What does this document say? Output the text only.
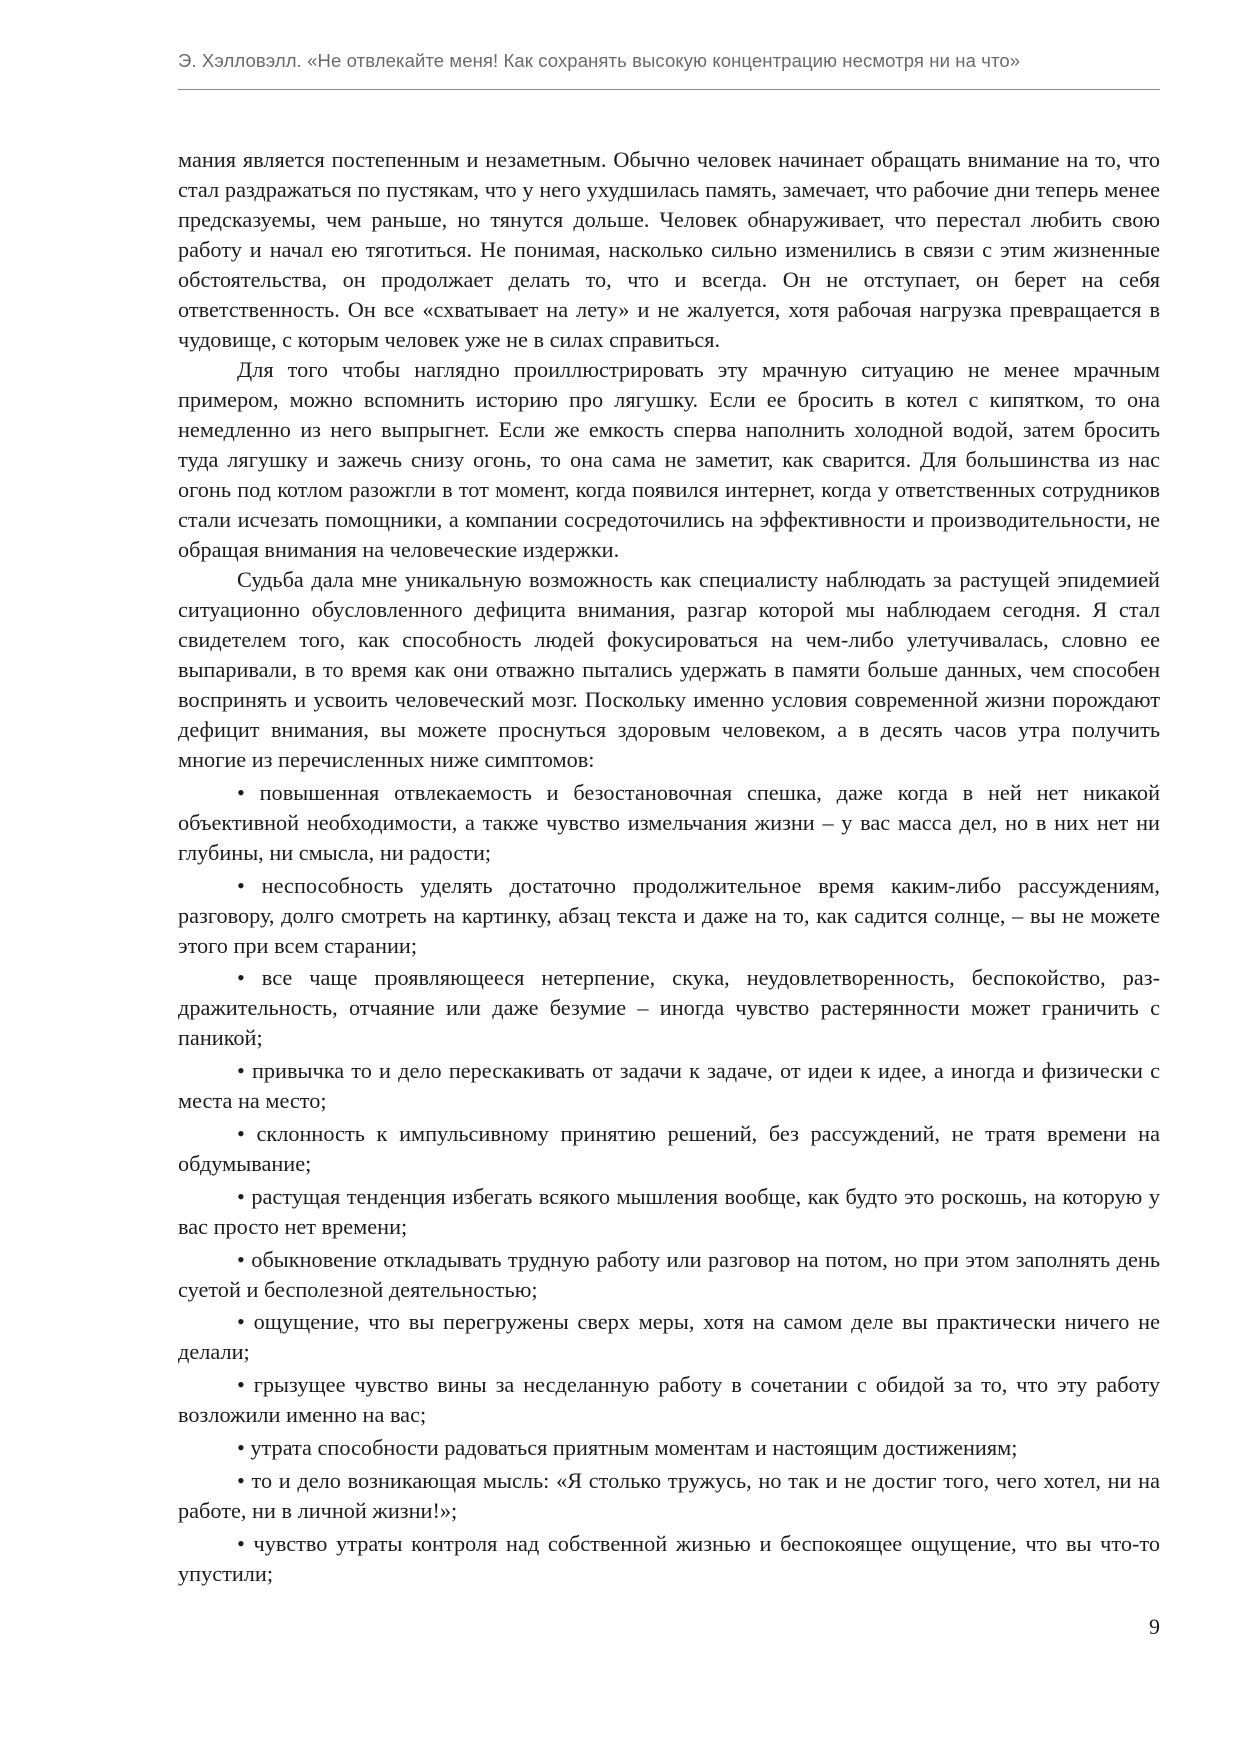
Э. Хэлловэлл. «Не отвлекайте меня! Как сохранять высокую концентрацию несмотря ни на что»

мания является постепенным и незаметным. Обычно человек начинает обращать внимание на то, что стал раздражаться по пустякам, что у него ухудшилась память, замечает, что рабочие дни теперь менее предсказуемы, чем раньше, но тянутся дольше. Человек обнаруживает, что перестал любить свою работу и начал ею тяготиться. Не понимая, насколько сильно изменились в связи с этим жизненные обстоятельства, он продолжает делать то, что и всегда. Он не отступает, он берет на себя ответственность. Он все «схватывает на лету» и не жалуется, хотя рабочая нагрузка превращается в чудовище, с которым человек уже не в силах справиться.

Для того чтобы наглядно проиллюстрировать эту мрачную ситуацию не менее мрачным примером, можно вспомнить историю про лягушку. Если ее бросить в котел с кипятком, то она немедленно из него выпрыгнет. Если же емкость сперва наполнить холодной водой, затем бросить туда лягушку и зажечь снизу огонь, то она сама не заметит, как сварится. Для большинства из нас огонь под котлом разожгли в тот момент, когда появился интернет, когда у ответственных сотрудников стали исчезать помощники, а компании сосредоточились на эффективности и производительности, не обращая внимания на человеческие издержки.

Судьба дала мне уникальную возможность как специалисту наблюдать за растущей эпидемией ситуационно обусловленного дефицита внимания, разгар которой мы наблюдаем сегодня. Я стал свидетелем того, как способность людей фокусироваться на чем-либо улетучивалась, словно ее выпаривали, в то время как они отважно пытались удержать в памяти больше данных, чем способен воспринять и усвоить человеческий мозг. Поскольку именно условия современной жизни порождают дефицит внимания, вы можете проснуться здоровым человеком, а в десять часов утра получить многие из перечисленных ниже симптомов:

• повышенная отвлекаемость и безостановочная спешка, даже когда в ней нет никакой объективной необходимости, а также чувство измельчания жизни – у вас масса дел, но в них нет ни глубины, ни смысла, ни радости;

• неспособность уделять достаточно продолжительное время каким-либо рассуждениям, разговору, долго смотреть на картинку, абзац текста и даже на то, как садится солнце, – вы не можете этого при всем старании;

• все чаще проявляющееся нетерпение, скука, неудовлетворенность, беспокойство, раздражительность, отчаяние или даже безумие – иногда чувство растерянности может граничить с паникой;

• привычка то и дело перескакивать от задачи к задаче, от идеи к идее, а иногда и физически с места на место;

• склонность к импульсивному принятию решений, без рассуждений, не тратя времени на обдумывание;

• растущая тенденция избегать всякого мышления вообще, как будто это роскошь, на которую у вас просто нет времени;

• обыкновение откладывать трудную работу или разговор на потом, но при этом заполнять день суетой и бесполезной деятельностью;

• ощущение, что вы перегружены сверх меры, хотя на самом деле вы практически ничего не делали;

• грызущее чувство вины за несделанную работу в сочетании с обидой за то, что эту работу возложили именно на вас;

• утрата способности радоваться приятным моментам и настоящим достижениям;

• то и дело возникающая мысль: «Я столько тружусь, но так и не достиг того, чего хотел, ни на работе, ни в личной жизни!»;

• чувство утраты контроля над собственной жизнью и беспокоящее ощущение, что вы что-то упустили;

9
